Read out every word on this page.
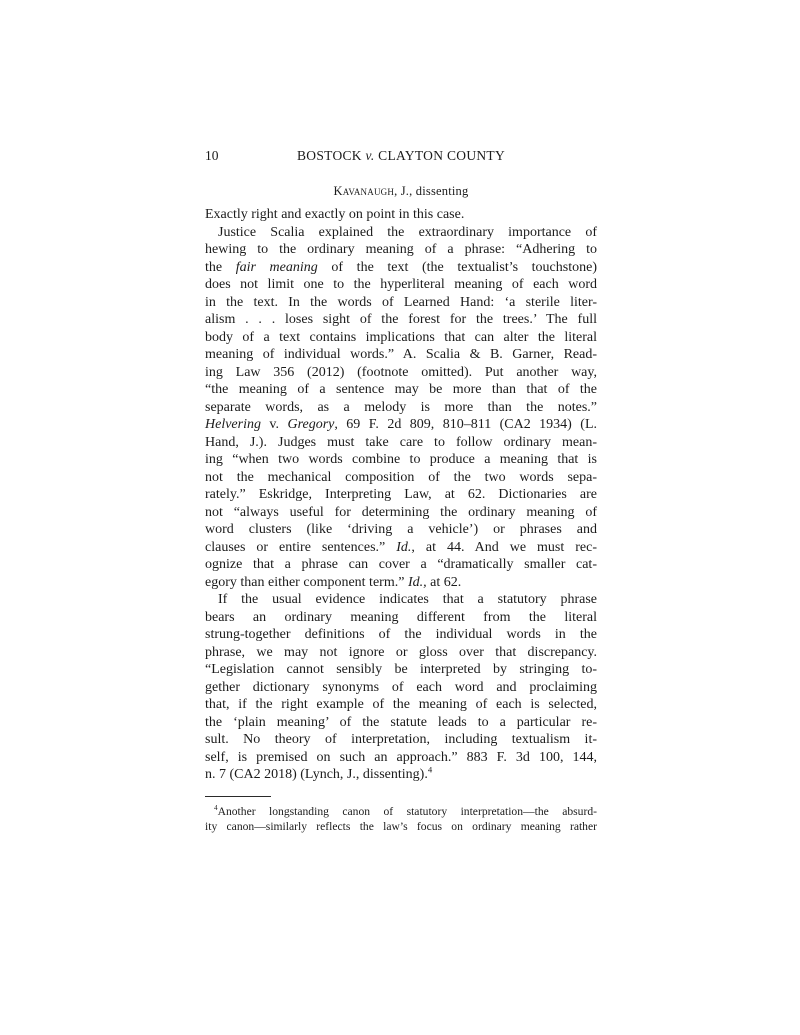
10	BOSTOCK v. CLAYTON COUNTY
Kavanaugh, J., dissenting
Exactly right and exactly on point in this case.
Justice Scalia explained the extraordinary importance of
hewing to the ordinary meaning of a phrase: “Adhering to
the fair meaning of the text (the textualist’s touchstone)
does not limit one to the hyperliteral meaning of each word
in the text. In the words of Learned Hand: ‘a sterile liter-
alism . . . loses sight of the forest for the trees.’ The full
body of a text contains implications that can alter the literal
meaning of individual words.” A. Scalia & B. Garner, Read-
ing Law 356 (2012) (footnote omitted). Put another way,
“the meaning of a sentence may be more than that of the
separate words, as a melody is more than the notes.”
Helvering v. Gregory, 69 F. 2d 809, 810–811 (CA2 1934) (L.
Hand, J.). Judges must take care to follow ordinary mean-
ing “when two words combine to produce a meaning that is
not the mechanical composition of the two words sepa-
rately.” Eskridge, Interpreting Law, at 62. Dictionaries are
not “always useful for determining the ordinary meaning of
word clusters (like ‘driving a vehicle’) or phrases and
clauses or entire sentences.” Id., at 44. And we must rec-
ognize that a phrase can cover a “dramatically smaller cat-
egory than either component term.” Id., at 62.
If the usual evidence indicates that a statutory phrase
bears an ordinary meaning different from the literal
strung-together definitions of the individual words in the
phrase, we may not ignore or gloss over that discrepancy.
“Legislation cannot sensibly be interpreted by stringing to-
gether dictionary synonyms of each word and proclaiming
that, if the right example of the meaning of each is selected,
the ‘plain meaning’ of the statute leads to a particular re-
sult. No theory of interpretation, including textualism it-
self, is premised on such an approach.” 883 F. 3d 100, 144,
n. 7 (CA2 2018) (Lynch, J., dissenting).$^4$
$^4$Another longstanding canon of statutory interpretation—the absurd-
ity canon—similarly reflects the law’s focus on ordinary meaning rather
